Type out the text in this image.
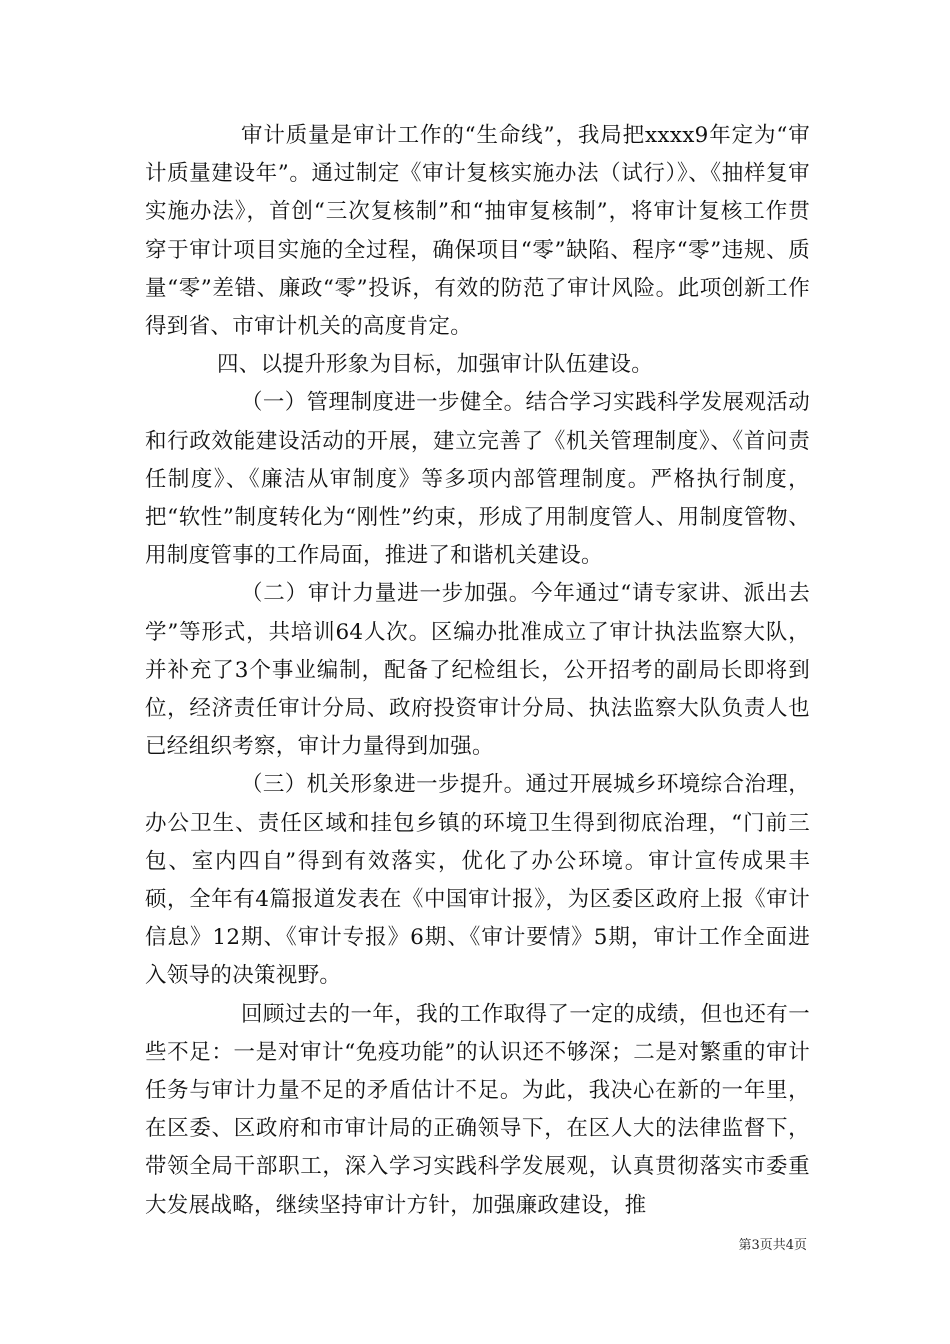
审计质量是审计工作的“生命线”，我局把xxxx9年定为“审计质量建设年”。通过制定《审计复核实施办法（试行）》、《抽样复审实施办法》，首创“三次复核制”和“抽审复核制”，将审计复核工作贯穿于审计项目实施的全过程，确保项目“零”缺陷、程序“零”违规、质量“零”差错、廉政“零”投诉，有效的防范了审计风险。此项创新工作得到省、市审计机关的高度肯定。

四、以提升形象为目标，加强审计队伍建设。

（一）管理制度进一步健全。结合学习实践科学发展观活动和行政效能建设活动的开展，建立完善了《机关管理制度》、《首问责任制度》、《廉洁从审制度》等多项内部管理制度。严格执行制度，把“软性”制度转化为“刚性”约束，形成了用制度管人、用制度管物、用制度管事的工作局面，推进了和谐机关建设。

（二）审计力量进一步加强。今年通过“请专家讲、派出去学”等形式，共培训64人次。区编办批准成立了审计执法监察大队，并补充了3个事业编制，配备了纪检组长，公开招考的副局长即将到位，经济责任审计分局、政府投资审计分局、执法监察大队负责人也已经组织考察，审计力量得到加强。

（三）机关形象进一步提升。通过开展城乡环境综合治理，办公卫生、责任区域和挂包乡镇的环境卫生得到彻底治理，“门前三包、室内四自”得到有效落实，优化了办公环境。审计宣传成果丰硕，全年有4篇报道发表在《中国审计报》，为区委区政府上报《审计信息》12期、《审计专报》6期、《审计要情》5期，审计工作全面进入领导的决策视野。

回顾过去的一年，我的工作取得了一定的成绩，但也还有一些不足：一是对审计“免疫功能”的认识还不够深；二是对繁重的审计任务与审计力量不足的矛盾估计不足。为此，我决心在新的一年里，在区委、区政府和市审计局的正确领导下，在区人大的法律监督下，带领全局干部职工，深入学习实践科学发展观，认真贯彻落实市委重大发展战略，继续坚持审计方针，加强廉政建设，推

第3页共4页
